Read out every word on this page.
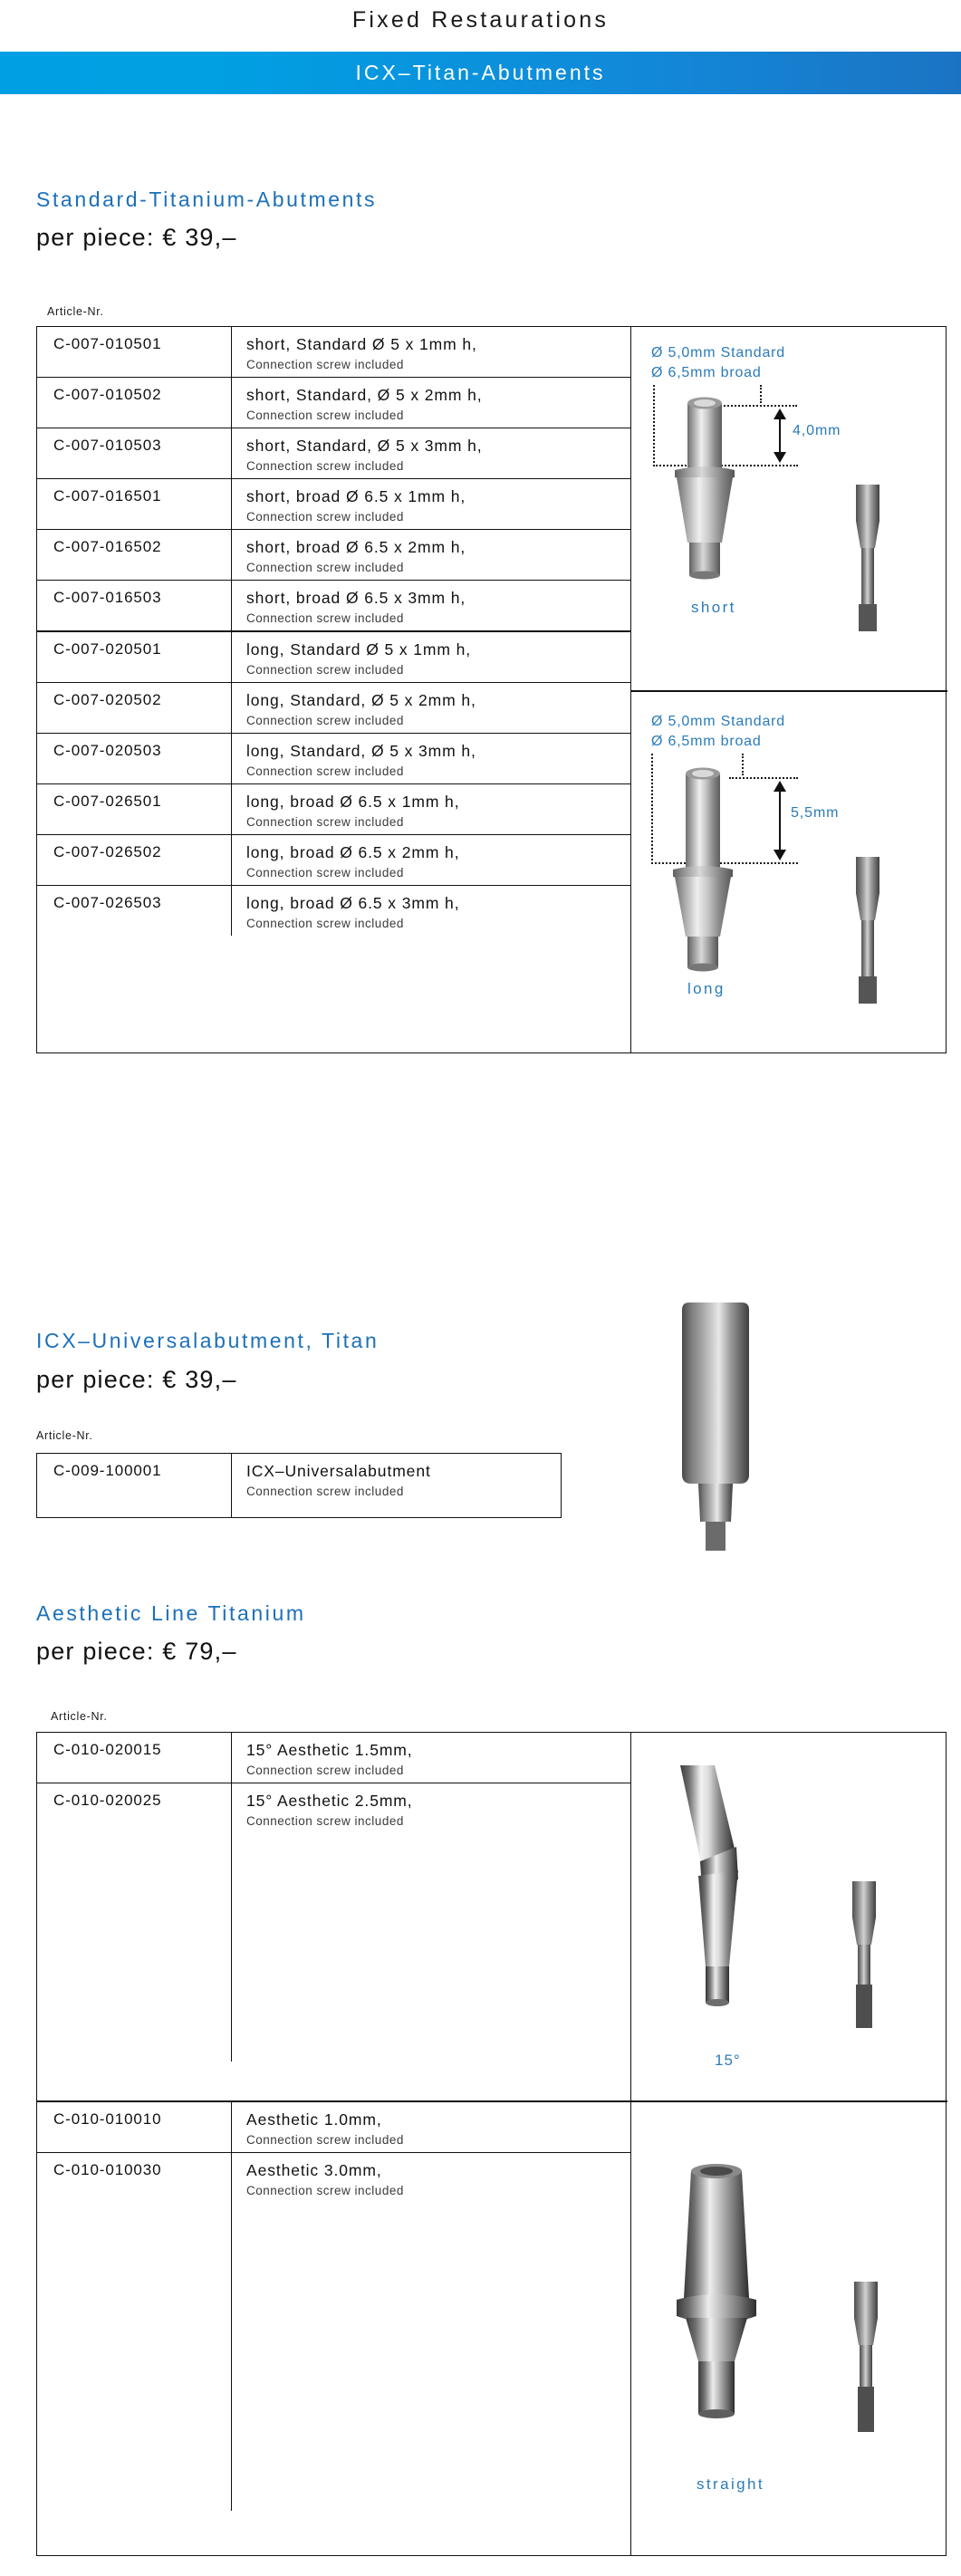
Fixed Restaurations
ICX–Titan-Abutments
Standard-Titanium-Abutments
per piece: € 39,–
Article-Nr.
C-007-010501	short, Standard Ø 5 x 1mm h,
Connection screw included
C-007-010502	short, Standard, Ø 5 x 2mm h,
Connection screw included
C-007-010503	short, Standard, Ø 5 x 3mm h,
Connection screw included
C-007-016501	short, broad Ø 6.5 x 1mm h,
Connection screw included
C-007-016502	short, broad Ø 6.5 x 2mm h,
Connection screw included
C-007-016503	short, broad Ø 6.5 x 3mm h,
Connection screw included
C-007-020501	long, Standard Ø 5 x 1mm h,
Connection screw included
C-007-020502	long, Standard, Ø 5 x 2mm h,
Connection screw included
C-007-020503	long, Standard, Ø 5 x 3mm h,
Connection screw included
C-007-026501	long, broad Ø 6.5 x 1mm h,
Connection screw included
C-007-026502	long, broad Ø 6.5 x 2mm h,
Connection screw included
C-007-026503	long, broad Ø 6.5 x 3mm h,
Connection screw included
Ø 5,0mm Standard
Ø 6,5mm broad
4,0mm
short
Ø 5,0mm Standard
Ø 6,5mm broad
5,5mm
long
ICX–Universalabutment, Titan
per piece: € 39,–
Article-Nr.
C-009-100001	ICX–Universalabutment
Connection screw included
Aesthetic Line Titanium
per piece: € 79,–
Article-Nr.
C-010-020015	15° Aesthetic 1.5mm,
Connection screw included
C-010-020025	15° Aesthetic 2.5mm,
Connection screw included
C-010-010010	Aesthetic 1.0mm,
Connection screw included
C-010-010030	Aesthetic 3.0mm,
Connection screw included
15°
straight
